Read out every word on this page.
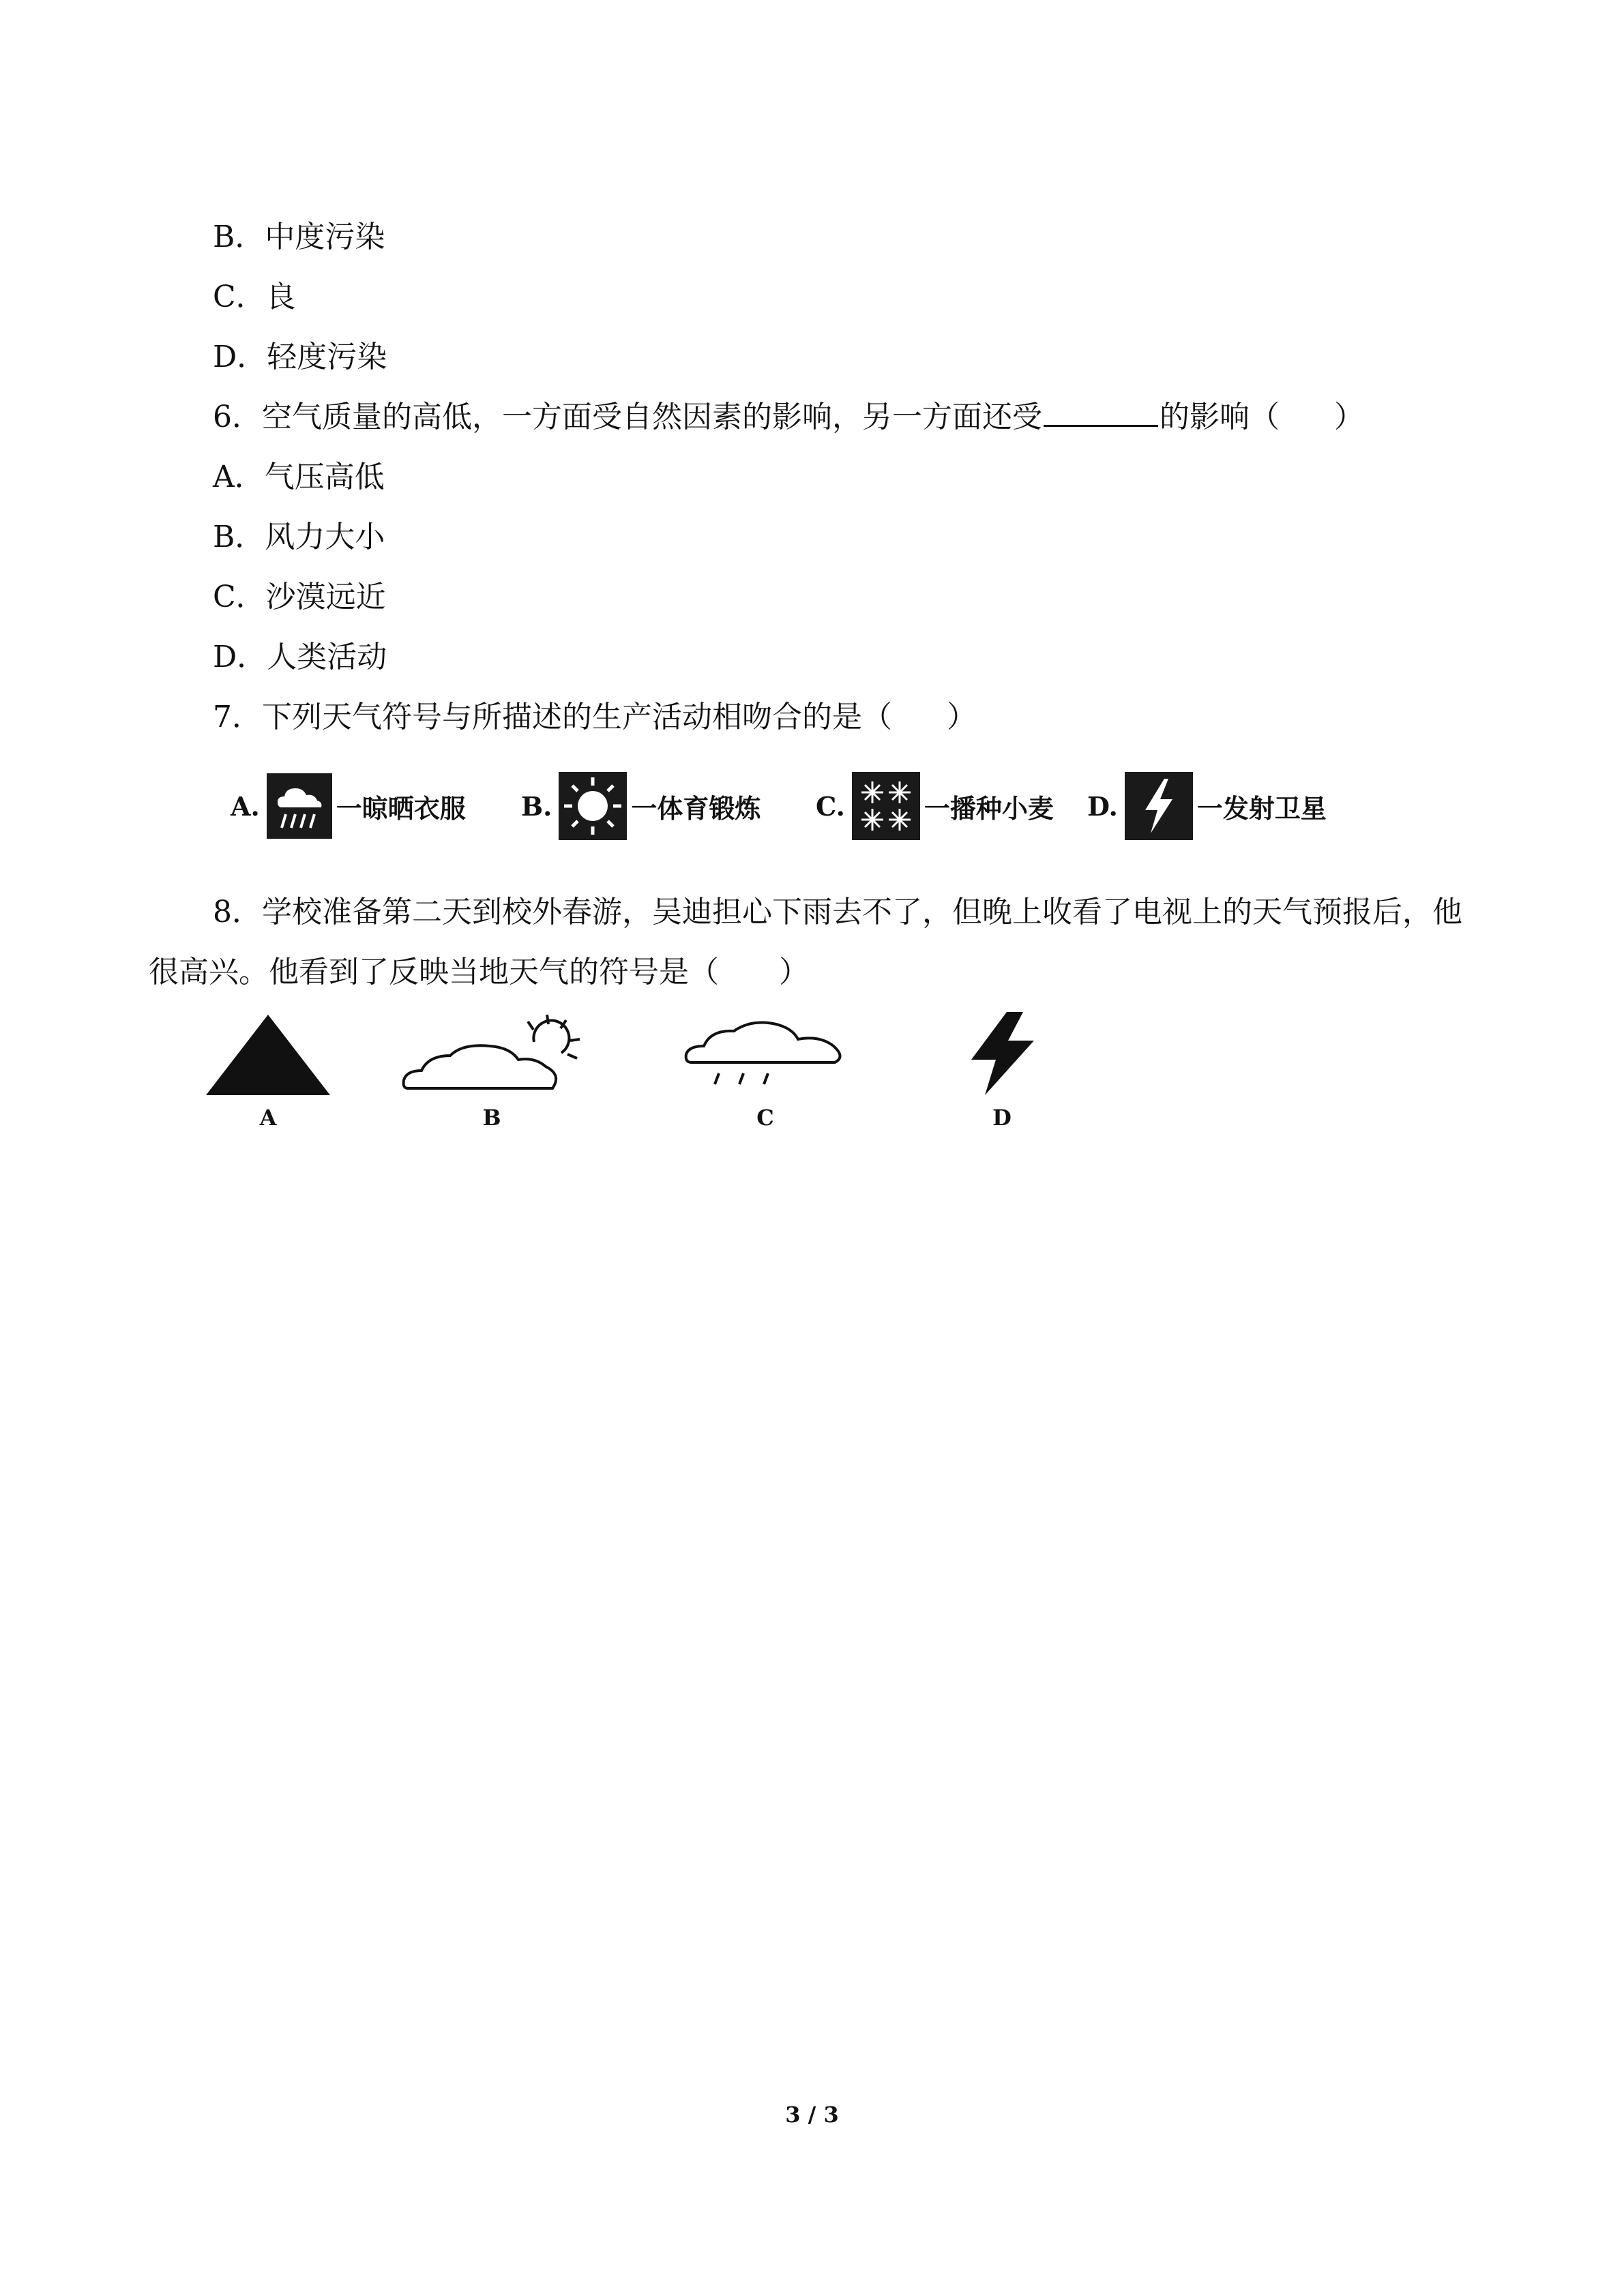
B．中度污染
C．良
D．轻度污染
6．空气质量的高低，一方面受自然因素的影响，另一方面还受	的影响（ ）
A．气压高低
B．风力大小
C．沙漠远近
D．人类活动
7．下列天气符号与所描述的生产活动相吻合的是（ ）
A.	一晾晒衣服 B.	一体育锻炼 C.	一播种小麦 D.	一发射卫星
8．学校准备第二天到校外春游，吴迪担心下雨去不了，但晚上收看了电视上的天气预报后，他很高兴。他看到了反映当地天气的符号是（　　）
A	B	C	D
3 / 3
